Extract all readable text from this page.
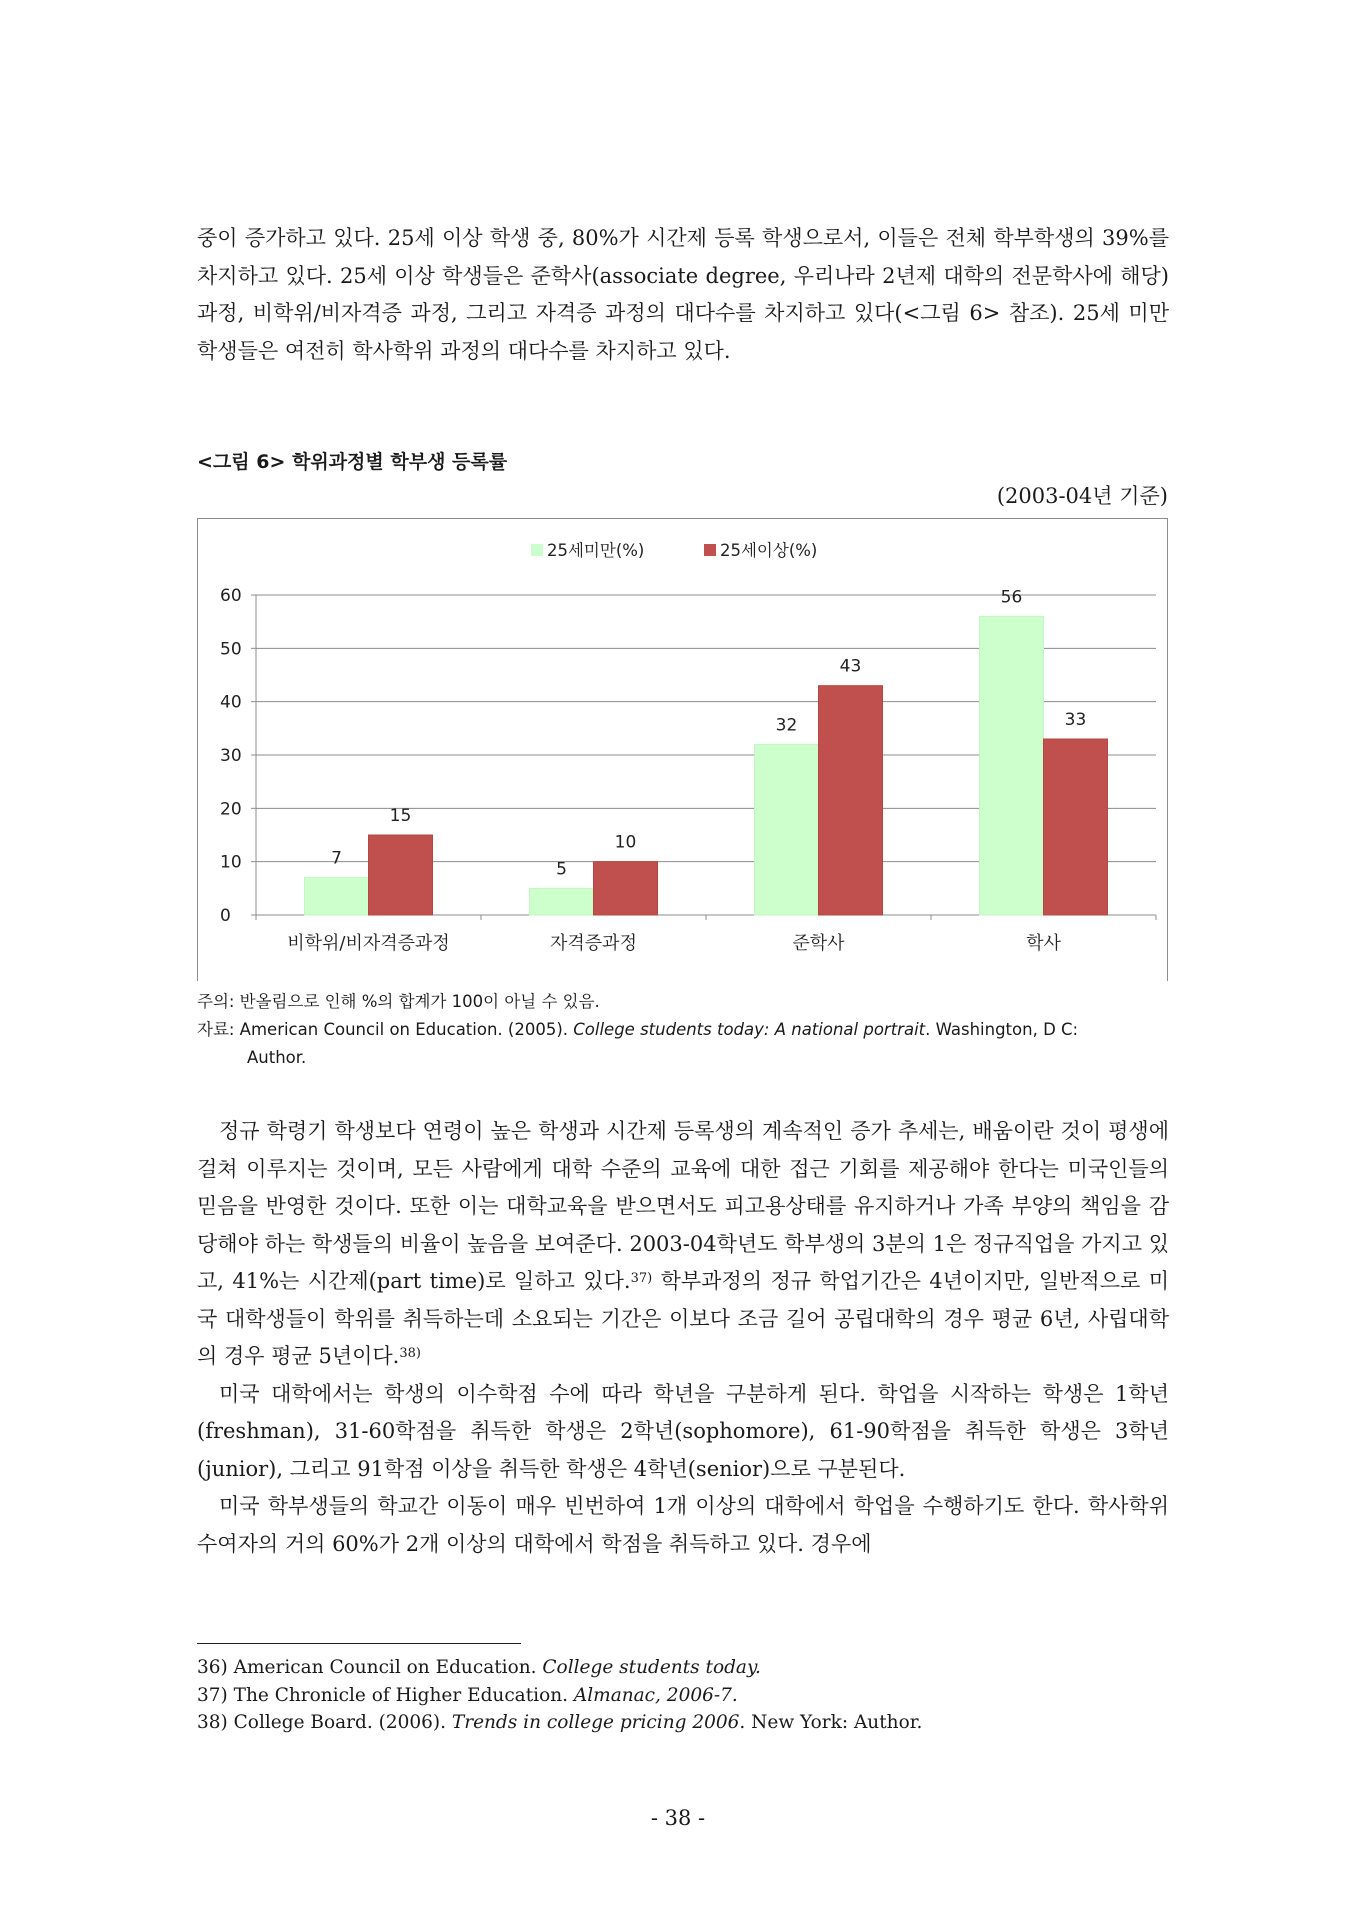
중이 증가하고 있다. 25세 이상 학생 중, 80%가 시간제 등록 학생으로서, 이들은 전체 학부학생의 39%를 차지하고 있다. 25세 이상 학생들은 준학사(associate degree, 우리나라 2년제 대학의 전문학사에 해당)과정, 비학위/비자격증 과정, 그리고 자격증 과정의 대다수를 차지하고 있다(<그림 6> 참조). 25세 미만 학생들은 여전히 학사학위 과정의 대다수를 차지하고 있다.

<그림 6> 학위과정별 학부생 등록률
(2003-04년 기준)
0
10
20
30
40
50
60
7
15
비학위/비자격증과정
5
10
자격증과정
32
43
준학사
56
33
학사
25세미만(%)	25세이상(%)
주의: 반올림으로 인해 %의 합계가 100이 아닐 수 있음.
자료: American Council on Education. (2005). College students today: A national portrait. Washington, D C:
Author.

정규 학령기 학생보다 연령이 높은 학생과 시간제 등록생의 계속적인 증가 추세는, 배움이란 것이 평생에 걸쳐 이루지는 것이며, 모든 사람에게 대학 수준의 교육에 대한 접근 기회를 제공해야 한다는 미국인들의 믿음을 반영한 것이다. 또한 이는 대학교육을 받으면서도 피고용상태를 유지하거나 가족 부양의 책임을 감당해야 하는 학생들의 비율이 높음을 보여준다. 2003-04학년도 학부생의 3분의 1은 정규직업을 가지고 있고, 41%는 시간제(part time)로 일하고 있다.$^{37)}$ 학부과정의 정규 학업기간은 4년이지만, 일반적으로 미국 대학생들이 학위를 취득하는데 소요되는 기간은 이보다 조금 길어 공립대학의 경우 평균 6년, 사립대학의 경우 평균 5년이다.$^{38)}$

미국 대학에서는 학생의 이수학점 수에 따라 학년을 구분하게 된다. 학업을 시작하는 학생은 1학년(freshman), 31-60학점을 취득한 학생은 2학년(sophomore), 61-90학점을 취득한 학생은 3학년(junior), 그리고 91학점 이상을 취득한 학생은 4학년(senior)으로 구분된다.

미국 학부생들의 학교간 이동이 매우 빈번하여 1개 이상의 대학에서 학업을 수행하기도 한다. 학사학위 수여자의 거의 60%가 2개 이상의 대학에서 학점을 취득하고 있다. 경우에

36) American Council on Education. College students today.
37) The Chronicle of Higher Education. Almanac, 2006-7.
38) College Board. (2006). Trends in college pricing 2006. New York: Author.
- 38 -
